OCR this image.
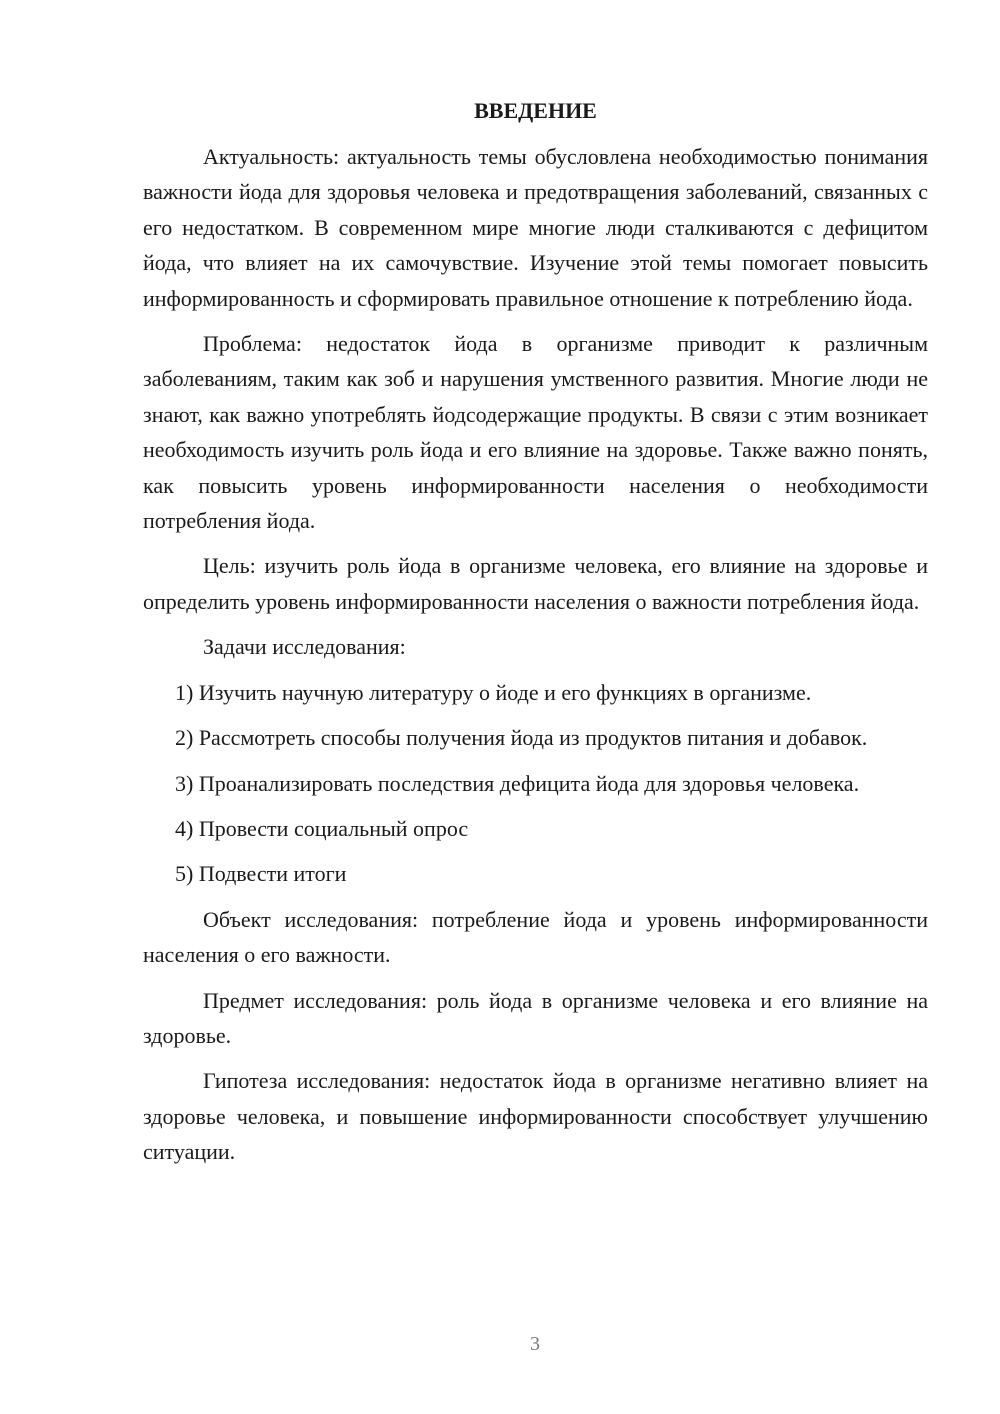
ВВЕДЕНИЕ

Актуальность: актуальность темы обусловлена необходимостью понимания важности йода для здоровья человека и предотвращения заболеваний, связанных с его недостатком. В современном мире многие люди сталкиваются с дефицитом йода, что влияет на их самочувствие. Изучение этой темы помогает повысить информированность и сформировать правильное отношение к потреблению йода.

Проблема: недостаток йода в организме приводит к различным заболеваниям, таким как зоб и нарушения умственного развития. Многие люди не знают, как важно употреблять йодсодержащие продукты. В связи с этим возникает необходимость изучить роль йода и его влияние на здоровье. Также важно понять, как повысить уровень информированности населения о необходимости потребления йода.

Цель: изучить роль йода в организме человека, его влияние на здоровье и определить уровень информированности населения о важности потребления йода.

Задачи исследования:

1) Изучить научную литературу о йоде и его функциях в организме.

2) Рассмотреть способы получения йода из продуктов питания и добавок.

3) Проанализировать последствия дефицита йода для здоровья человека.

4) Провести социальный опрос

5) Подвести итоги

Объект исследования: потребление йода и уровень информированности населения о его важности.

Предмет исследования: роль йода в организме человека и его влияние на здоровье.

Гипотеза исследования: недостаток йода в организме негативно влияет на здоровье человека, и повышение информированности способствует улучшению ситуации.

3
